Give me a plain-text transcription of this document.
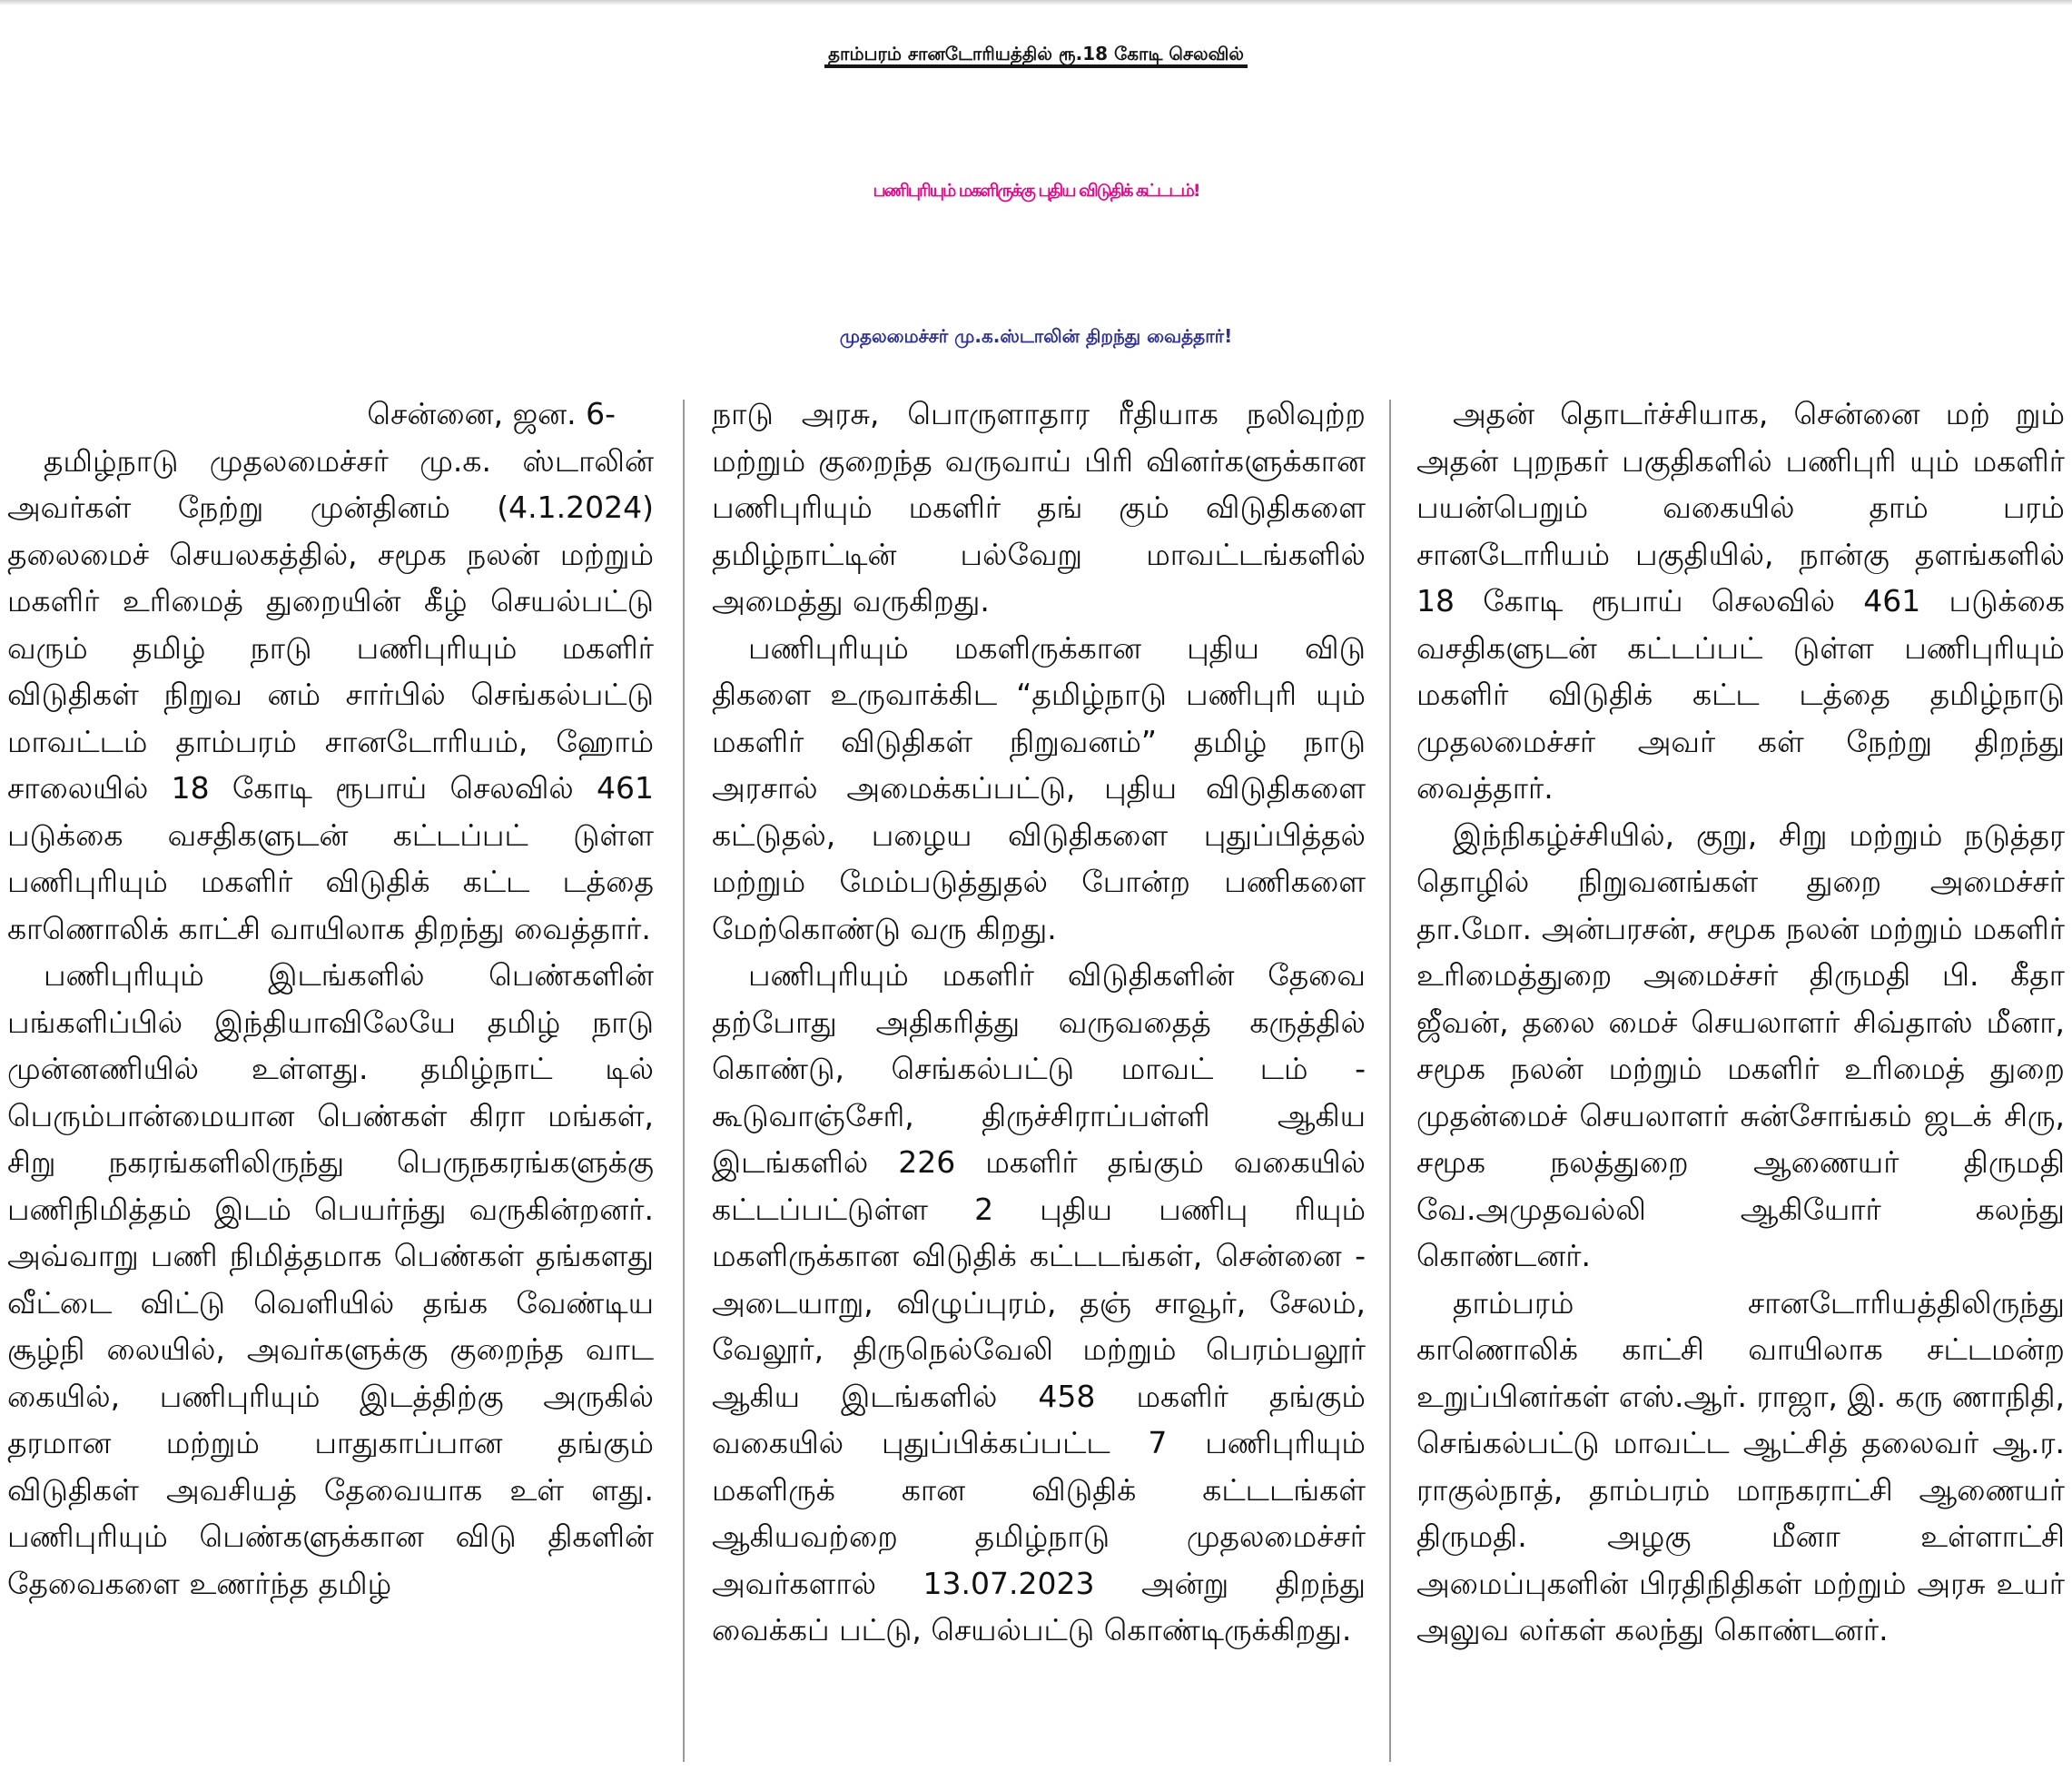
தாம்பரம் சானடோரியத்தில் ரூ.18 கோடி செலவில்
பணிபுரியும் மகளிருக்கு புதிய விடுதிக் கட்டடம்!
முதலமைச்சர் மு.க.ஸ்டாலின் திறந்து வைத்தார்!

சென்னை, ஜன. 6-

தமிழ்நாடு முதலமைச்சர் மு.க. ஸ்டாலின் அவர்கள் நேற்று முன்தினம் (4.1.2024) தலைமைச் செயலகத்தில், சமூக நலன் மற்றும் மகளிர் உரிமைத் துறையின் கீழ் செயல்பட்டு வரும் தமிழ் நாடு பணிபுரியும் மகளிர் விடுதிகள் நிறுவ னம் சார்பில் செங்கல்பட்டு மாவட்டம் தாம்பரம் சானடோரியம், ஹோம் சாலையில் 18 கோடி ரூபாய் செலவில் 461 படுக்கை வசதிகளுடன் கட்டப்பட் டுள்ள பணிபுரியும் மகளிர் விடுதிக் கட்ட டத்தை காணொலிக் காட்சி வாயிலாக திறந்து வைத்தார்.

பணிபுரியும் இடங்களில் பெண்களின் பங்களிப்பில் இந்தியாவிலேயே தமிழ் நாடு முன்னணியில் உள்ளது. தமிழ்நாட் டில் பெரும்பான்மையான பெண்கள் கிரா மங்கள், சிறு நகரங்களிலிருந்து பெருநகரங்களுக்கு பணிநிமித்தம் இடம் பெயர்ந்து வருகின்றனர். அவ்வாறு பணி நிமித்தமாக பெண்கள் தங்களது வீட்டை விட்டு வெளியில் தங்க வேண்டிய சூழ்நி லையில், அவர்களுக்கு குறைந்த வாட கையில், பணிபுரியும் இடத்திற்கு அருகில் தரமான மற்றும் பாதுகாப்பான தங்கும் விடுதிகள் அவசியத் தேவையாக உள் ளது. பணிபுரியும் பெண்களுக்கான விடு திகளின் தேவைகளை உணர்ந்த தமிழ்

நாடு அரசு, பொருளாதார ரீதியாக நலிவுற்ற மற்றும் குறைந்த வருவாய் பிரி வினர்களுக்கான பணிபுரியும் மகளிர் தங் கும் விடுதிகளை தமிழ்நாட்டின் பல்வேறு மாவட்டங்களில் அமைத்து வருகிறது.

பணிபுரியும் மகளிருக்கான புதிய விடு திகளை உருவாக்கிட “தமிழ்நாடு பணிபுரி யும் மகளிர் விடுதிகள் நிறுவனம்” தமிழ் நாடு அரசால் அமைக்கப்பட்டு, புதிய விடுதிகளை கட்டுதல், பழைய விடுதிகளை புதுப்பித்தல் மற்றும் மேம்படுத்துதல் போன்ற பணிகளை மேற்கொண்டு வரு கிறது.

பணிபுரியும் மகளிர் விடுதிகளின் தேவை தற்போது அதிகரித்து வருவதைத் கருத்தில் கொண்டு, செங்கல்பட்டு மாவட் டம் - கூடுவாஞ்சேரி, திருச்சிராப்பள்ளி ஆகிய இடங்களில் 226 மகளிர் தங்கும் வகையில் கட்டப்பட்டுள்ள 2 புதிய பணிபு ரியும் மகளிருக்கான விடுதிக் கட்டடங்கள், சென்னை - அடையாறு, விழுப்புரம், தஞ் சாவூர், சேலம், வேலூர், திருநெல்வேலி மற்றும் பெரம்பலூர் ஆகிய இடங்களில் 458 மகளிர் தங்கும் வகையில் புதுப்பிக்கப்பட்ட 7 பணிபுரியும் மகளிருக் கான விடுதிக் கட்டடங்கள் ஆகியவற்றை தமிழ்நாடு முதலமைச்சர் அவர்களால் 13.07.2023 அன்று திறந்து வைக்கப் பட்டு, செயல்பட்டு கொண்டிருக்கிறது.

அதன் தொடர்ச்சியாக, சென்னை மற் றும் அதன் புறநகர் பகுதிகளில் பணிபுரி யும் மகளிர் பயன்பெறும் வகையில் தாம் பரம் சானடோரியம் பகுதியில், நான்கு தளங்களில் 18 கோடி ரூபாய் செலவில் 461 படுக்கை வசதிகளுடன் கட்டப்பட் டுள்ள பணிபுரியும் மகளிர் விடுதிக் கட்ட டத்தை தமிழ்நாடு முதலமைச்சர் அவர் கள் நேற்று திறந்து வைத்தார்.

இந்நிகழ்ச்சியில், குறு, சிறு மற்றும் நடுத்தர தொழில் நிறுவனங்கள் துறை அமைச்சர் தா.மோ. அன்பரசன், சமூக நலன் மற்றும் மகளிர் உரிமைத்துறை அமைச்சர் திருமதி பி. கீதா ஜீவன், தலை மைச் செயலாளர் சிவ்தாஸ் மீனா, சமூக நலன் மற்றும் மகளிர் உரிமைத் துறை முதன்மைச் செயலாளர் சுன்சோங்கம் ஜடக் சிரு, சமூக நலத்துறை ஆணையர் திருமதி வே.அமுதவல்லி ஆகியோர் கலந்து கொண்டனர்.

தாம்பரம் சானடோரியத்திலிருந்து காணொலிக் காட்சி வாயிலாக சட்டமன்ற உறுப்பினர்கள் எஸ்.ஆர். ராஜா, இ. கரு ணாநிதி, செங்கல்பட்டு மாவட்ட ஆட்சித் தலைவர் ஆ.ர. ராகுல்நாத், தாம்பரம் மாநகராட்சி ஆணையர் திருமதி. அழகு மீனா உள்ளாட்சி அமைப்புகளின் பிரதிநிதிகள் மற்றும் அரசு உயர் அலுவ லர்கள் கலந்து கொண்டனர்.
